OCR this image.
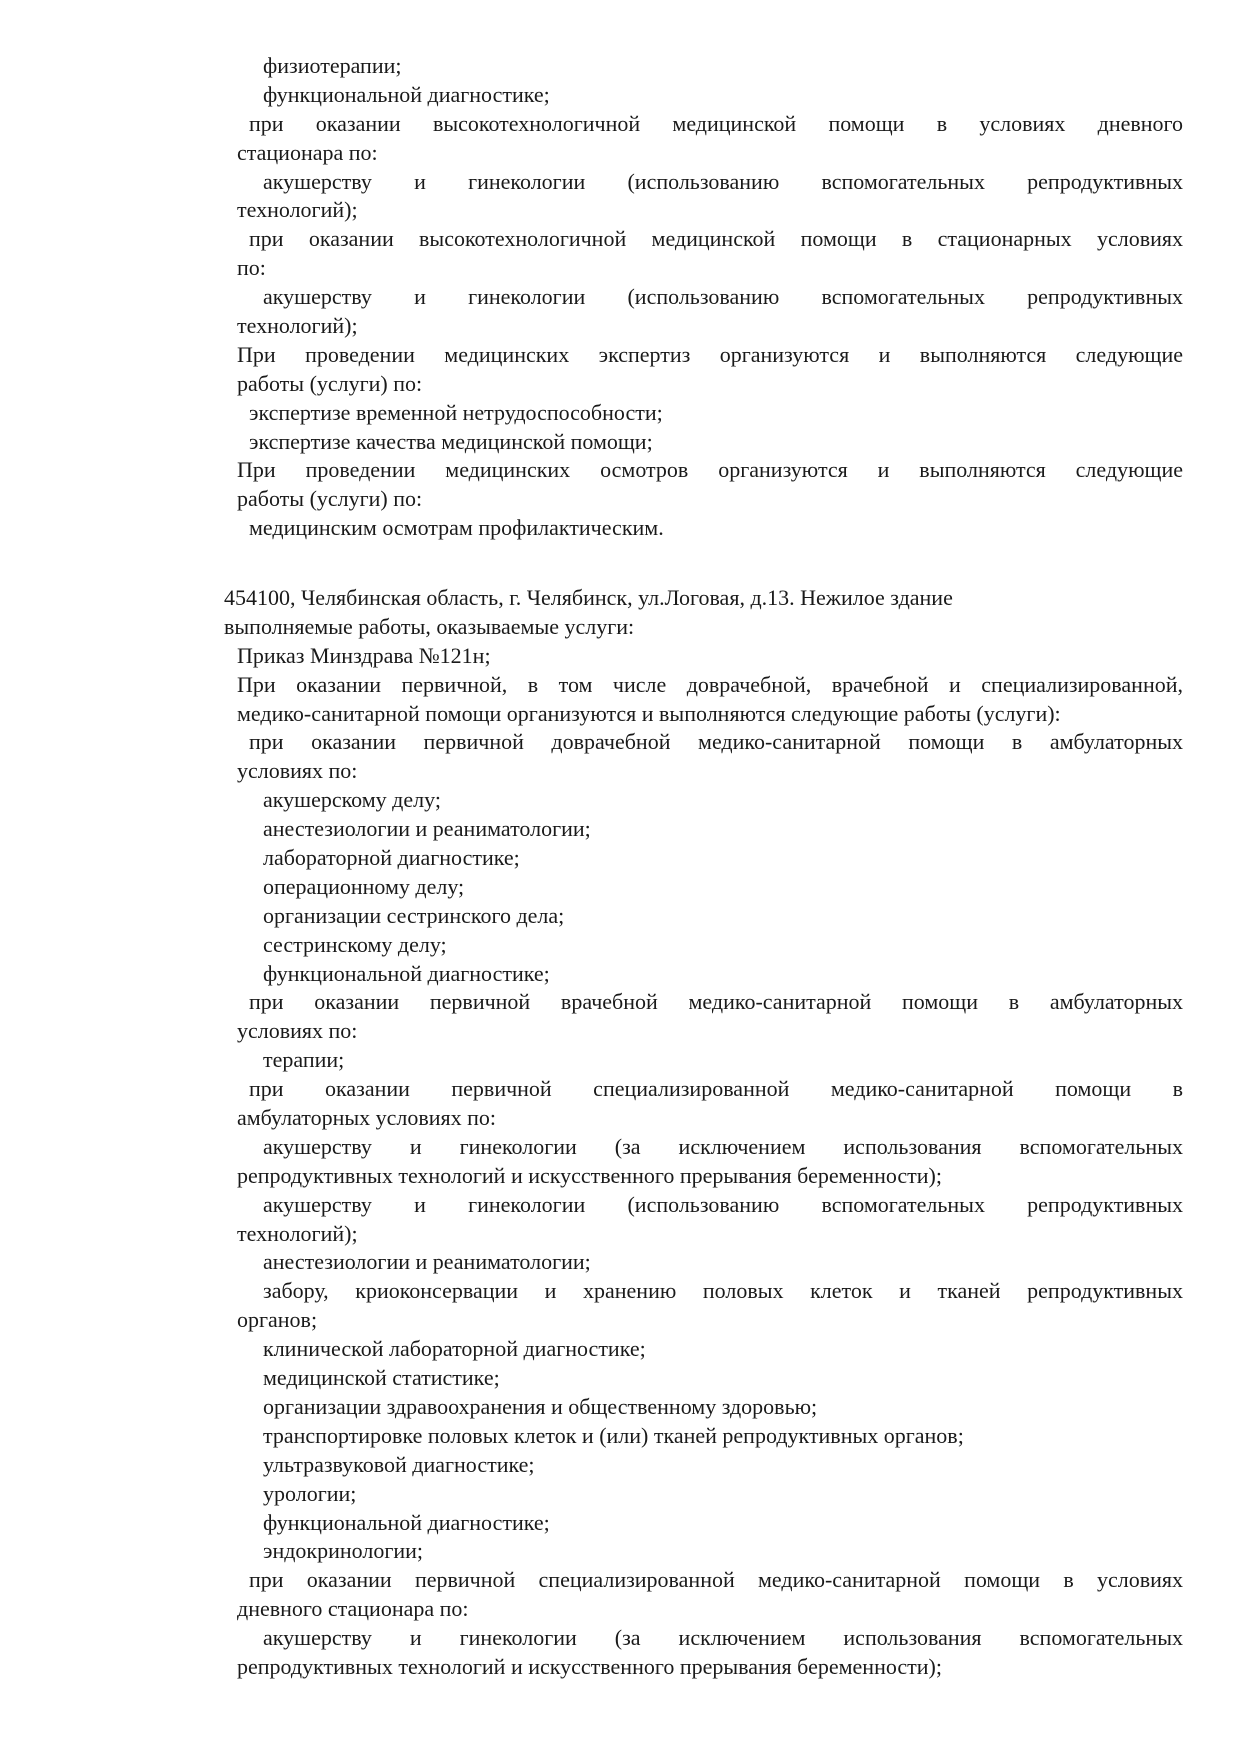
физиотерапии;
функциональной диагностике;
при оказании высокотехнологичной медицинской помощи в условиях дневного
стационара по:
акушерству и гинекологии (использованию вспомогательных репродуктивных
технологий);
при оказании высокотехнологичной медицинской помощи в стационарных условиях
по:
акушерству и гинекологии (использованию вспомогательных репродуктивных
технологий);
При проведении медицинских экспертиз организуются и выполняются следующие
работы (услуги) по:
экспертизе временной нетрудоспособности;
экспертизе качества медицинской помощи;
При проведении медицинских осмотров организуются и выполняются следующие
работы (услуги) по:
медицинским осмотрам профилактическим.
454100, Челябинская область, г. Челябинск, ул.Логовая, д.13. Нежилое здание
выполняемые работы, оказываемые услуги:
Приказ Минздрава №121н;
При оказании первичной, в том числе доврачебной, врачебной и специализированной,
медико-санитарной помощи организуются и выполняются следующие работы (услуги):
при оказании первичной доврачебной медико-санитарной помощи в амбулаторных
условиях по:
акушерскому делу;
анестезиологии и реаниматологии;
лабораторной диагностике;
операционному делу;
организации сестринского дела;
сестринскому делу;
функциональной диагностике;
при оказании первичной врачебной медико-санитарной помощи в амбулаторных
условиях по:
терапии;
при оказании первичной специализированной медико-санитарной помощи в
амбулаторных условиях по:
акушерству и гинекологии (за исключением использования вспомогательных
репродуктивных технологий и искусственного прерывания беременности);
акушерству и гинекологии (использованию вспомогательных репродуктивных
технологий);
анестезиологии и реаниматологии;
забору, криоконсервации и хранению половых клеток и тканей репродуктивных
органов;
клинической лабораторной диагностике;
медицинской статистике;
организации здравоохранения и общественному здоровью;
транспортировке половых клеток и (или) тканей репродуктивных органов;
ультразвуковой диагностике;
урологии;
функциональной диагностике;
эндокринологии;
при оказании первичной специализированной медико-санитарной помощи в условиях
дневного стационара по:
акушерству и гинекологии (за исключением использования вспомогательных
репродуктивных технологий и искусственного прерывания беременности);
